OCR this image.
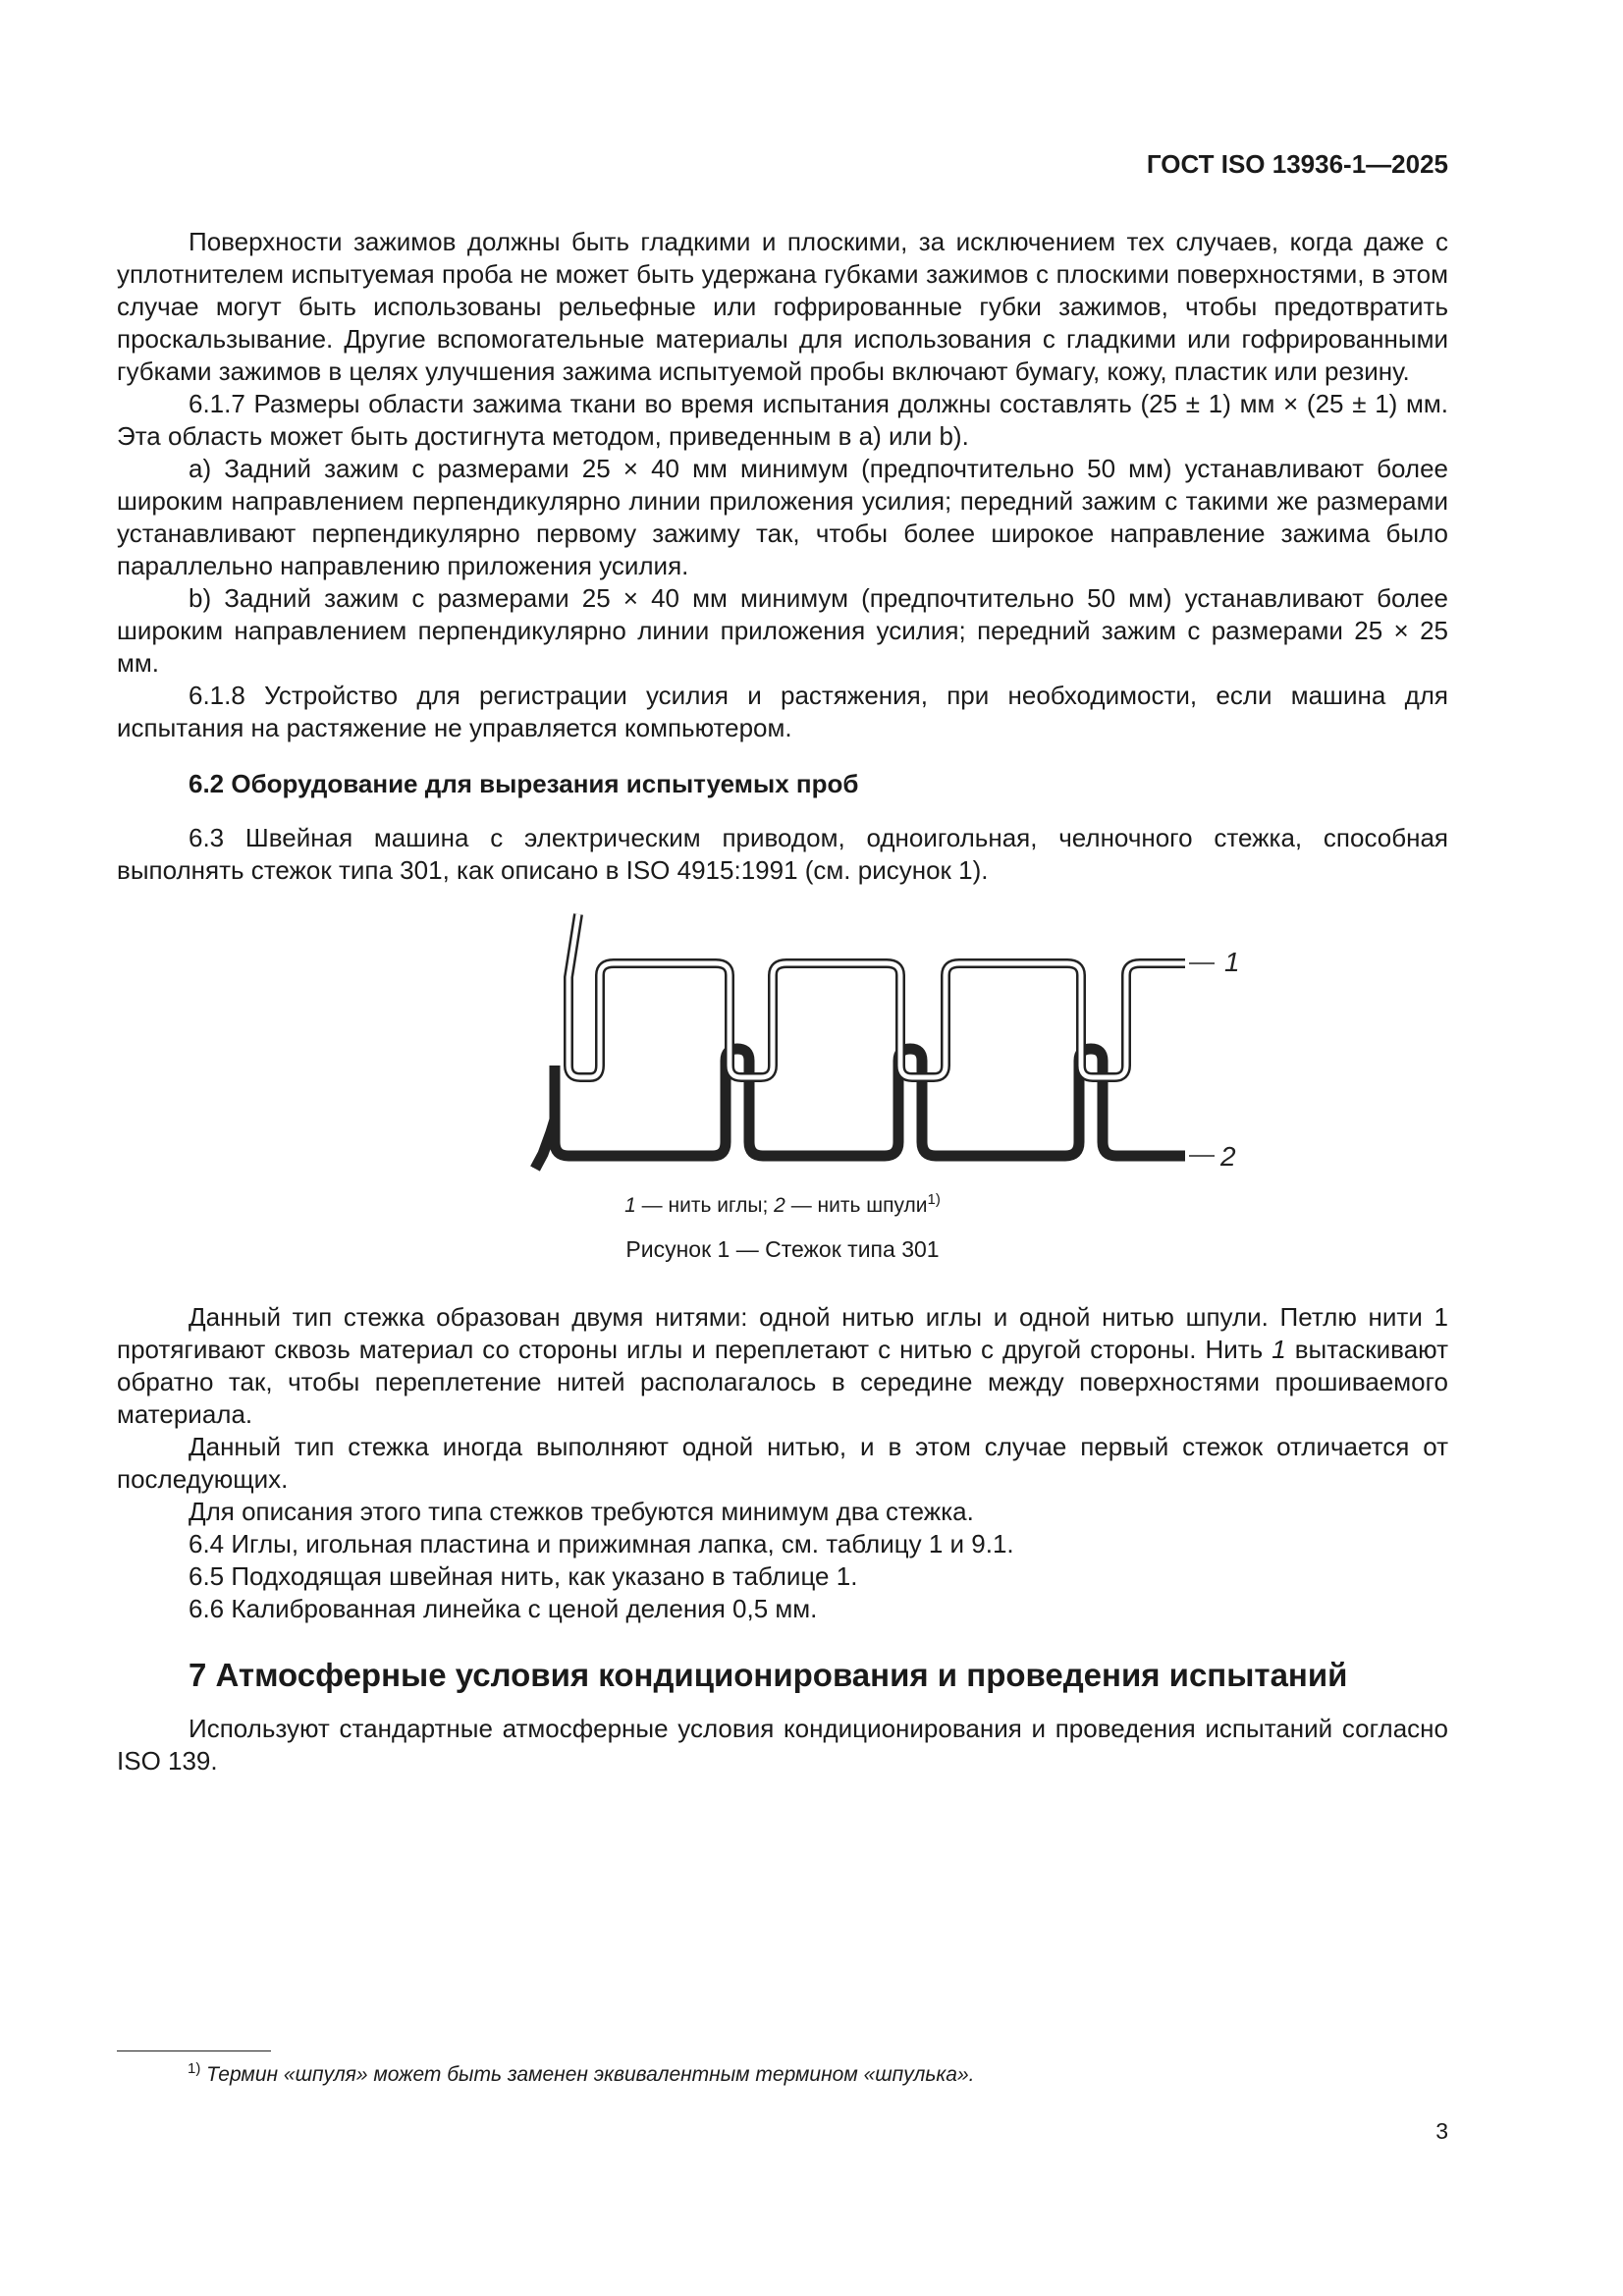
ГОСТ ISO 13936-1—2025

Поверхности зажимов должны быть гладкими и плоскими, за исключением тех случаев, когда даже с уплотнителем испытуемая проба не может быть удержана губками зажимов с плоскими поверхностями, в этом случае могут быть использованы рельефные или гофрированные губки зажимов, чтобы предотвратить проскальзывание. Другие вспомогательные материалы для использования с гладкими или гофрированными губками зажимов в целях улучшения зажима испытуемой пробы включают бумагу, кожу, пластик или резину.

6.1.7 Размеры области зажима ткани во время испытания должны составлять (25 ± 1) мм × (25 ± 1) мм. Эта область может быть достигнута методом, приведенным в a) или b).

a) Задний зажим с размерами 25 × 40 мм минимум (предпочтительно 50 мм) устанавливают более широким направлением перпендикулярно линии приложения усилия; передний зажим с такими же размерами устанавливают перпендикулярно первому зажиму так, чтобы более широкое направление зажима было параллельно направлению приложения усилия.

b) Задний зажим с размерами 25 × 40 мм минимум (предпочтительно 50 мм) устанавливают более широким направлением перпендикулярно линии приложения усилия; передний зажим с размерами 25 × 25 мм.

6.1.8 Устройство для регистрации усилия и растяжения, при необходимости, если машина для испытания на растяжение не управляется компьютером.

6.2 Оборудование для вырезания испытуемых проб

6.3 Швейная машина с электрическим приводом, одноигольная, челночного стежка, способная выполнять стежок типа 301, как описано в ISO 4915:1991 (см. рисунок 1).

1
2
1 — нить иглы; 2 — нить шпули$^{1)}$
Рисунок 1 — Стежок типа 301

Данный тип стежка образован двумя нитями: одной нитью иглы и одной нитью шпули. Петлю нити 1 протягивают сквозь материал со стороны иглы и переплетают с нитью с другой стороны. Нить 1 вытаскивают обратно так, чтобы переплетение нитей располагалось в середине между поверхностями прошиваемого материала.

Данный тип стежка иногда выполняют одной нитью, и в этом случае первый стежок отличается от последующих.

Для описания этого типа стежков требуются минимум два стежка.

6.4 Иглы, игольная пластина и прижимная лапка, см. таблицу 1 и 9.1.

6.5 Подходящая швейная нить, как указано в таблице 1.

6.6 Калиброванная линейка с ценой деления 0,5 мм.

7 Атмосферные условия кондиционирования и проведения испытаний

Используют стандартные атмосферные условия кондиционирования и проведения испытаний согласно ISO 139.

$^{1)}$ Термин «шпуля» может быть заменен эквивалентным термином «шпулька».
3
